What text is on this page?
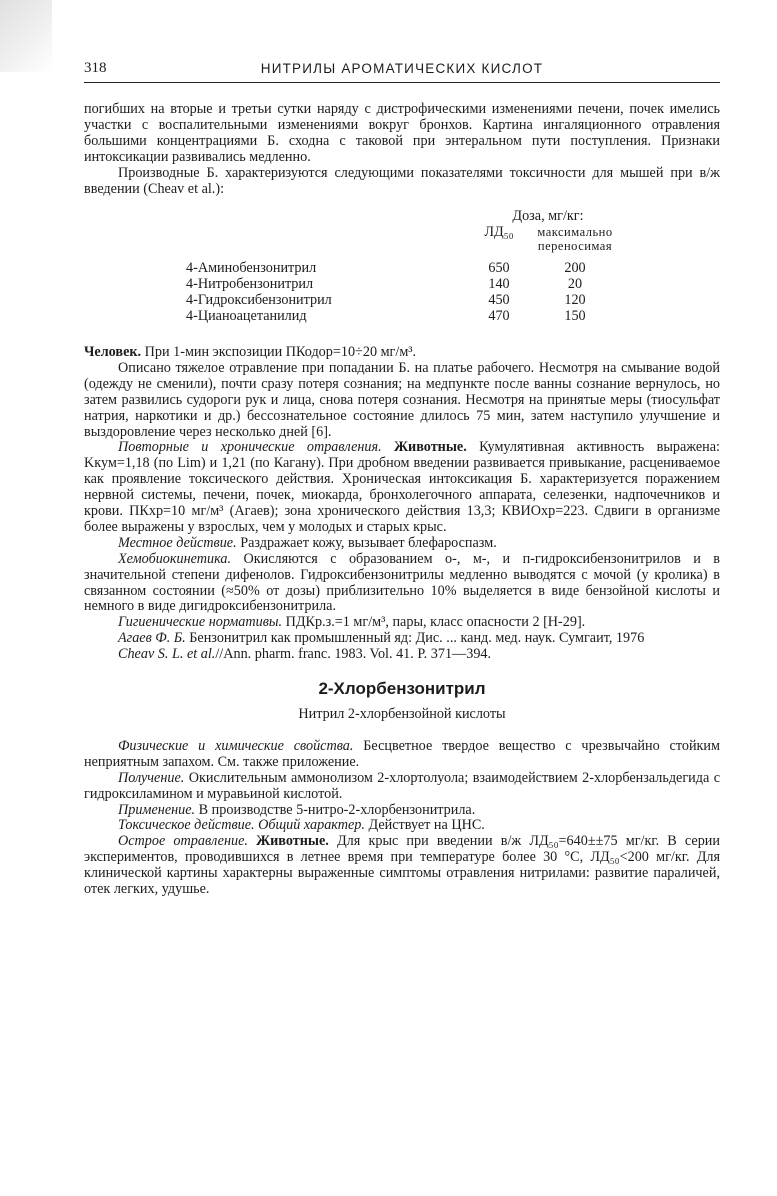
318	НИТРИЛЫ АРОМАТИЧЕСКИХ КИСЛОТ

погибших на вторые и третьи сутки наряду с дистрофическими изменениями печени, почек имелись участки с воспалительными изменениями вокруг бронхов. Картина ингаляционного отравления большими концентрациями Б. сходна с таковой при энтеральном пути поступления. Признаки интоксикации развивались медленно.

Производные Б. характеризуются следующими показателями токсичности для мышей при в/ж введении (Cheav et al.):

	Доза, мг/кг:	
	ЛД₅₀	максимально переносимая

4-Аминобензонитрил	650	200
4-Нитробензонитрил	140	20
4-Гидроксибензонитрил	450	120
4-Цианоацетанилид	470	150

Человек. При 1-мин экспозиции ПКодор=10÷20 мг/м³.

Описано тяжелое отравление при попадании Б. на платье рабочего. Несмотря на смывание водой (одежду не сменили), почти сразу потеря сознания; на медпункте после ванны сознание вернулось, но затем развились судороги рук и лица, снова потеря сознания. Несмотря на принятые меры (тиосульфат натрия, наркотики и др.) бессознательное состояние длилось 75 мин, затем наступило улучшение и выздоровление через несколько дней [6].

Повторные и хронические отравления. Животные. Кумулятивная активность выражена: Kкум=1,18 (по Lim) и 1,21 (по Кагану). При дробном введении развивается привыкание, расцениваемое как проявление токсического действия. Хроническая интоксикация Б. характеризуется поражением нервной системы, печени, почек, миокарда, бронхолегочного аппарата, селезенки, надпочечников и крови. ПКхр=10 мг/м³ (Агаев); зона хронического действия 13,3; КВИОхр=223. Сдвиги в организме более выражены у взрослых, чем у молодых и старых крыс.

Местное действие. Раздражает кожу, вызывает блефароспазм.

Хемобиокинетика. Окисляются с образованием о-, м-, и п-гидроксибензонитрилов и в значительной степени дифенолов. Гидроксибензонитрилы медленно выводятся с мочой (у кролика) в связанном состоянии (≈50% от дозы) приблизительно 10% выделяется в виде бензойной кислоты и немного в виде дигидроксибензонитрила.

Гигиенические нормативы. ПДКр.з.=1 мг/м³, пары, класс опасности 2 [Н-29].

Агаев Ф. Б. Бензонитрил как промышленный яд: Дис. ... канд. мед. наук. Сумгаит, 1976

Cheav S. L. et al.//Ann. pharm. franc. 1983. Vol. 41. P. 371—394.

2-Хлорбензонитрил
Нитрил 2-хлорбензойной кислоты

Физические и химические свойства. Бесцветное твердое вещество с чрезвычайно стойким неприятным запахом. См. также приложение.

Получение. Окислительным аммонолизом 2-хлортолуола; взаимодействием 2-хлорбензальдегида с гидроксиламином и муравьиной кислотой.

Применение. В производстве 5-нитро-2-хлорбензонитрила.

Токсическое действие. Общий характер. Действует на ЦНС.

Острое отравление. Животные. Для крыс при введении в/ж ЛД₅₀=640±±75 мг/кг. В серии экспериментов, проводившихся в летнее время при температуре более 30 °С, ЛД₅₀<200 мг/кг. Для клинической картины характерны выраженные симптомы отравления нитрилами: развитие параличей, отек легких, удушье.
